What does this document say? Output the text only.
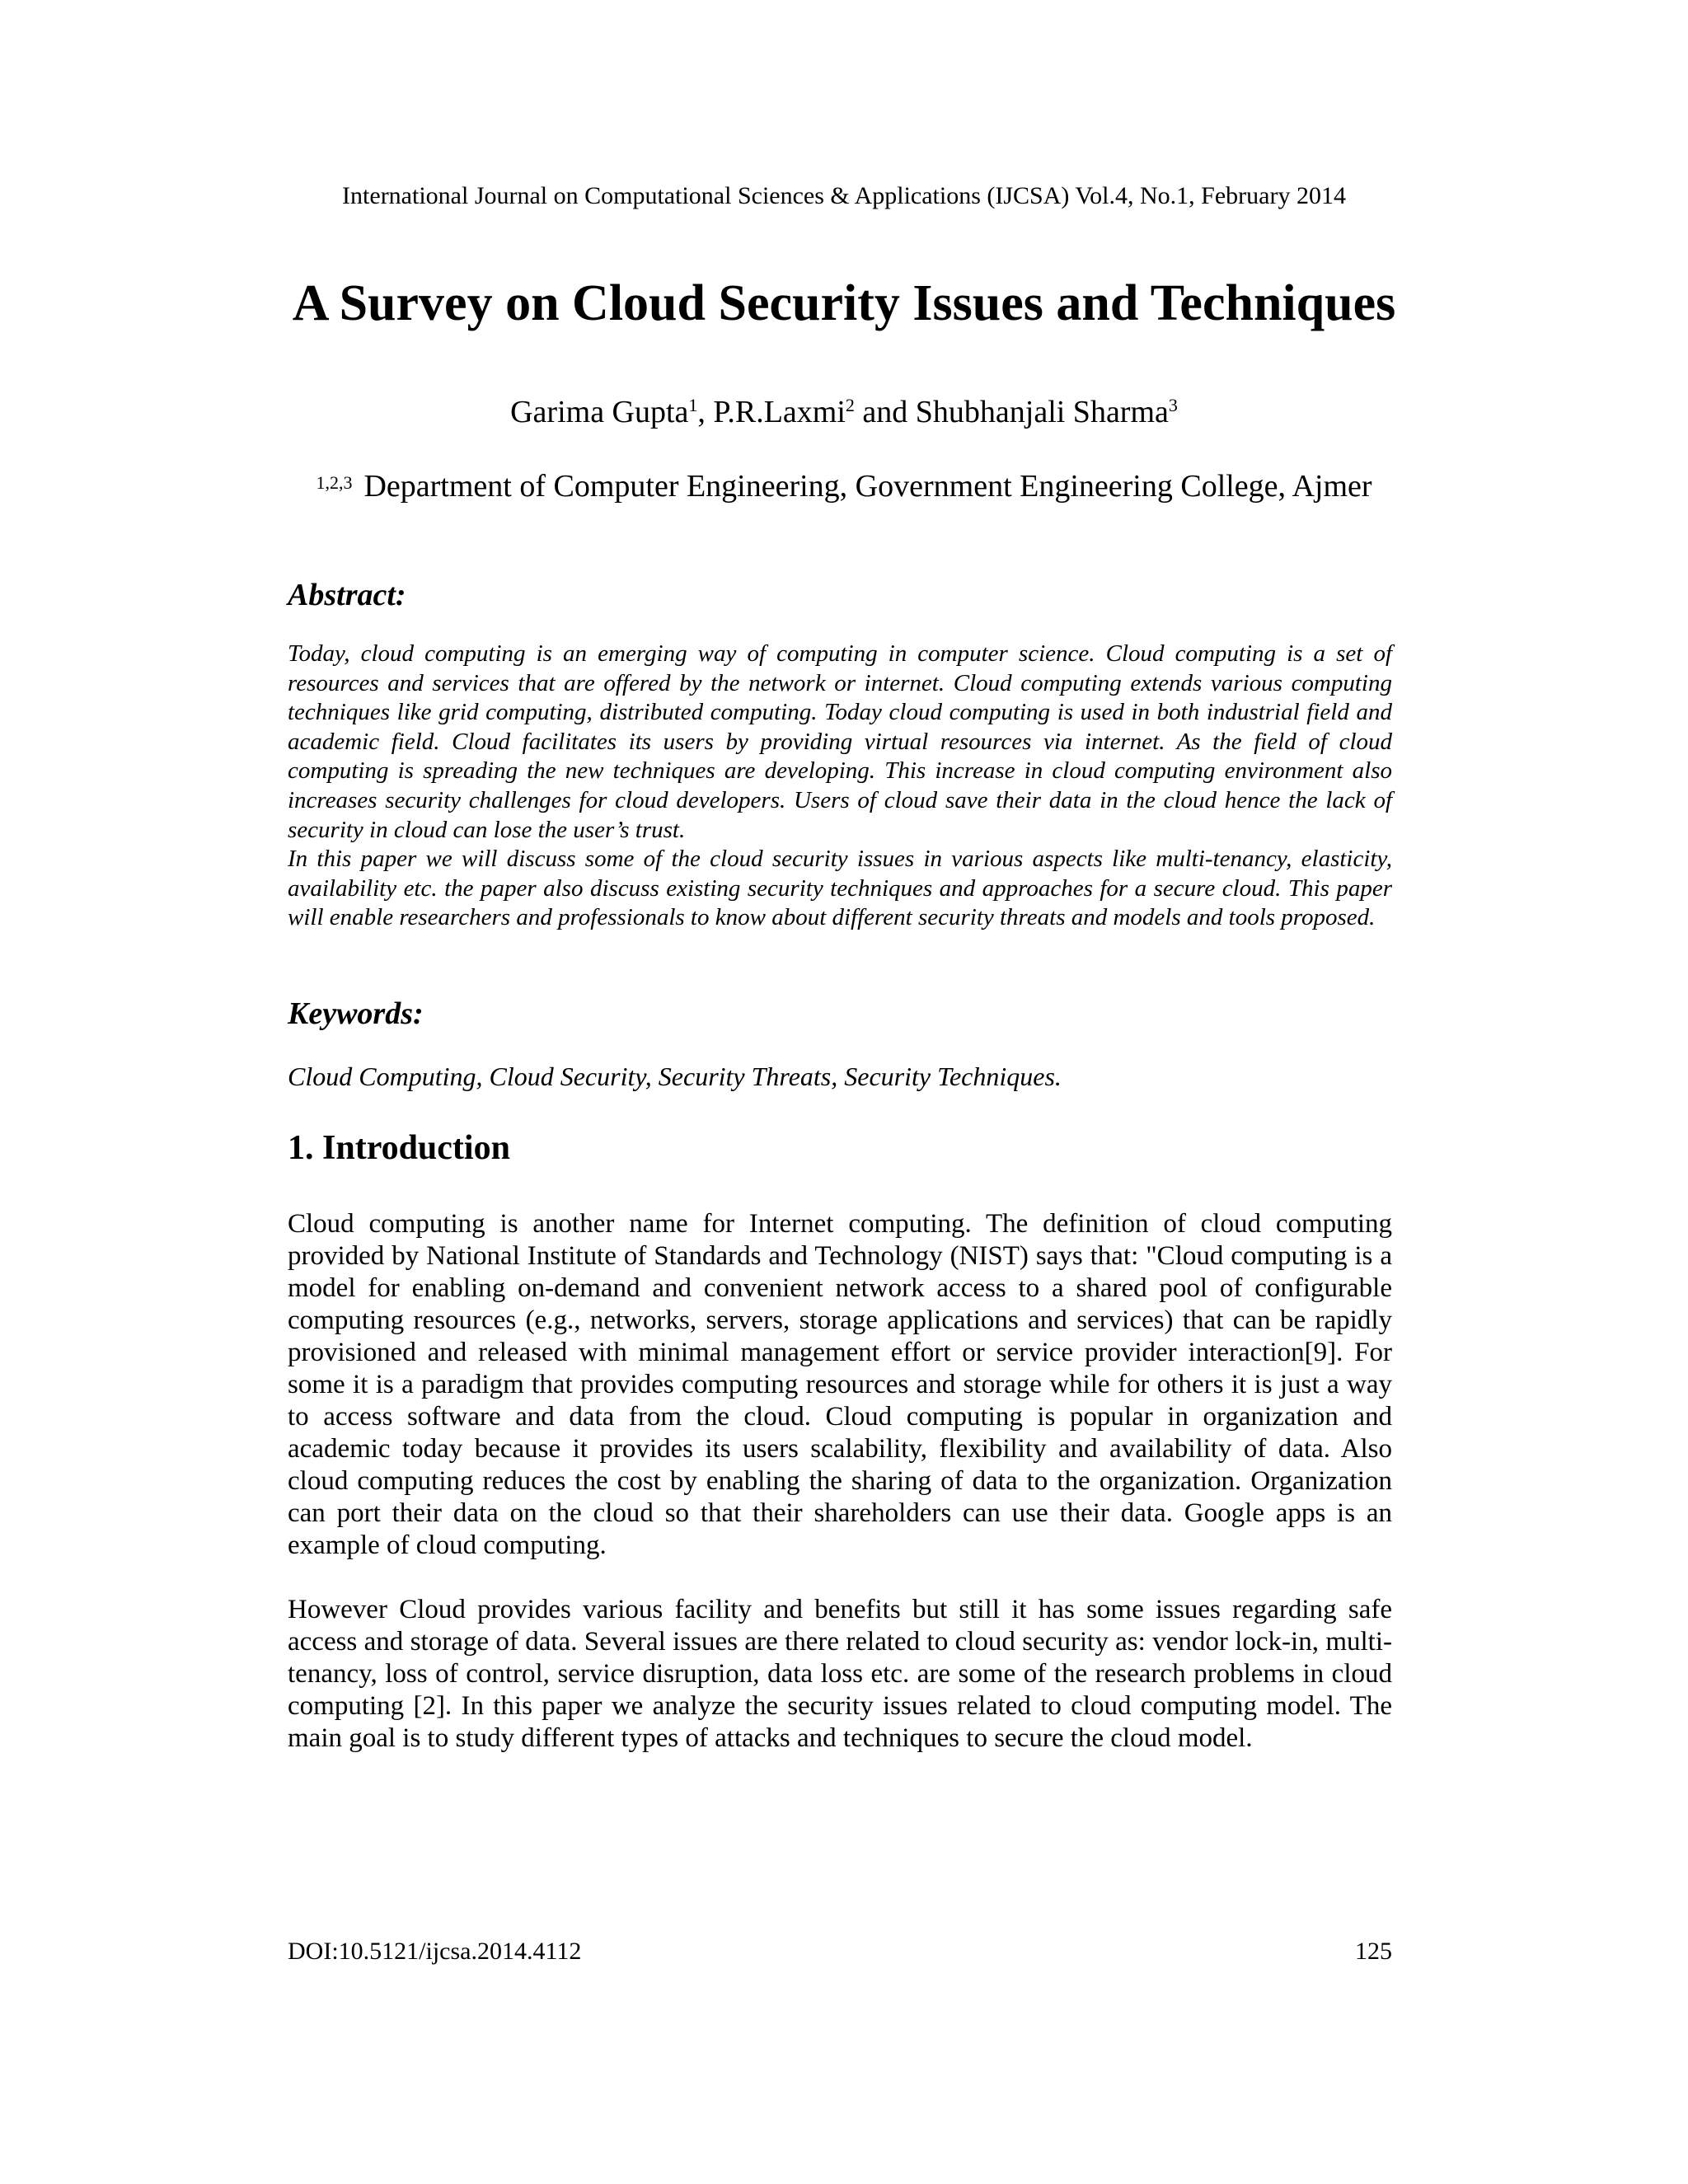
International Journal on Computational Sciences & Applications (IJCSA) Vol.4, No.1, February 2014
A Survey on Cloud Security Issues and Techniques
Garima Gupta$^1$, P.R.Laxmi$^2$ and Shubhanjali Sharma$^3$
$^{1,2,3}$ Department of Computer Engineering, Government Engineering College, Ajmer
Abstract:

Today, cloud computing is an emerging way of computing in computer science. Cloud computing is a set of resources and services that are offered by the network or internet. Cloud computing extends various computing techniques like grid computing, distributed computing. Today cloud computing is used in both industrial field and academic field. Cloud facilitates its users by providing virtual resources via internet. As the field of cloud computing is spreading the new techniques are developing. This increase in cloud computing environment also increases security challenges for cloud developers. Users of cloud save their data in the cloud hence the lack of security in cloud can lose the user’s trust.

In this paper we will discuss some of the cloud security issues in various aspects like multi-tenancy, elasticity, availability etc. the paper also discuss existing security techniques and approaches for a secure cloud. This paper will enable researchers and professionals to know about different security threats and models and tools proposed.

Keywords:
Cloud Computing, Cloud Security, Security Threats, Security Techniques.
1. Introduction

Cloud computing is another name for Internet computing. The definition of cloud computing provided by National Institute of Standards and Technology (NIST) says that: "Cloud computing is a model for enabling on-demand and convenient network access to a shared pool of configurable computing resources (e.g., networks, servers, storage applications and services) that can be rapidly provisioned and released with minimal management effort or service provider interaction[9]. For some it is a paradigm that provides computing resources and storage while for others it is just a way to access software and data from the cloud. Cloud computing is popular in organization and academic today because it provides its users scalability, flexibility and availability of data. Also cloud computing reduces the cost by enabling the sharing of data to the organization. Organization can port their data on the cloud so that their shareholders can use their data. Google apps is an example of cloud computing.

However Cloud provides various facility and benefits but still it has some issues regarding safe access and storage of data. Several issues are there related to cloud security as: vendor lock-in, multi-tenancy, loss of control, service disruption, data loss etc. are some of the research problems in cloud computing [2]. In this paper we analyze the security issues related to cloud computing model. The main goal is to study different types of attacks and techniques to secure the cloud model.

DOI:10.5121/ijcsa.2014.4112	125
